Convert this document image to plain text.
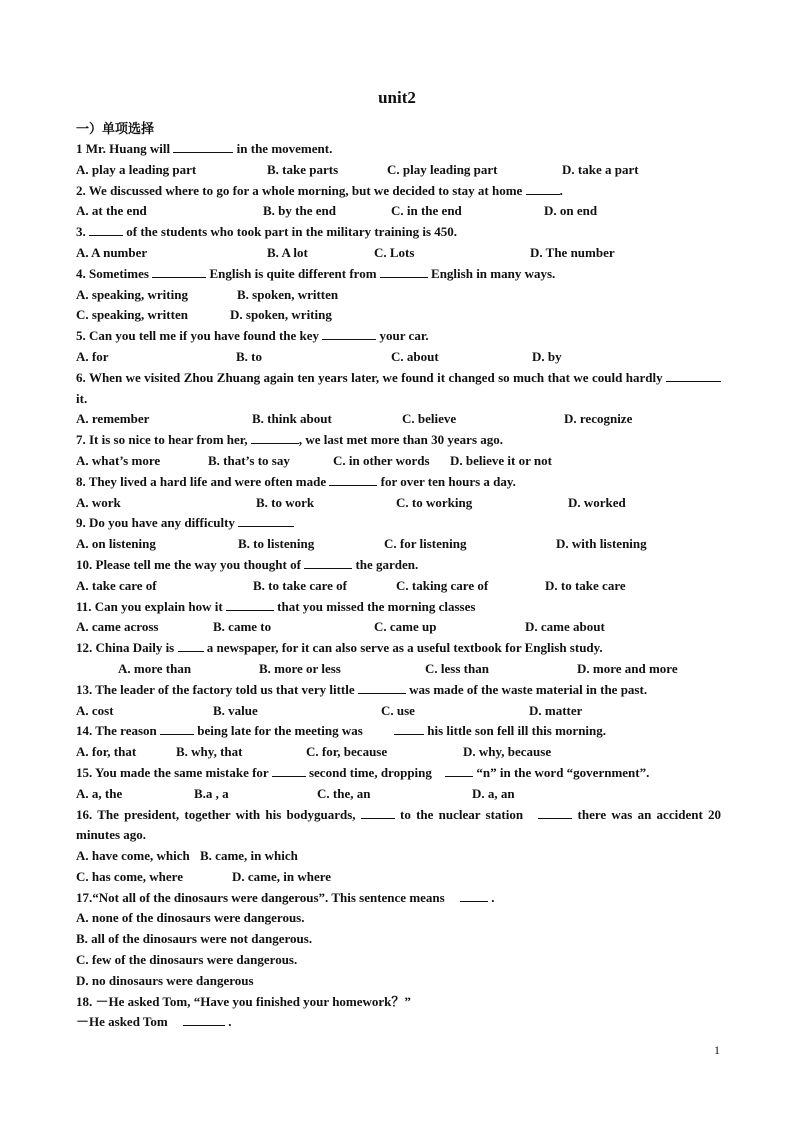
unit2
一）单项选择
1 Mr. Huang will	in the movement.
A. play a leading part	B. take parts	C. play leading part	D. take a part
2. We discussed where to go for a whole morning, but we decided to stay at home	.
A. at the end	B. by the end	C. in the end	D. on end
3.	of the students who took part in the military training is 450.
A. A number	B. A lot	C. Lots	D. The number
4. Sometimes	English is quite different from	English in many ways.
A. speaking, writing	B. spoken, written
C. speaking, written	D. spoken, writing
5. Can you tell me if you have found the key	your car.
A. for	B. to	C. about	D. by
6. When we visited Zhou Zhuang again ten years later, we found it changed so much that we could hardly  it.
A. remember	B. think about	C. believe	D. recognize
7. It is so nice to hear from her,	, we last met more than 30 years ago.
A. what’s more	B. that’s to say	C. in other words	D. believe it or not
8. They lived a hard life and were often made	for over ten hours a day.
A. work	B. to work	C. to working	D. worked
9. Do you have any difficulty
A. on listening	B. to listening	C. for listening	D. with listening
10. Please tell me the way you thought of	the garden.
A. take care of	B. to take care of	C. taking care of	D. to take care
11. Can you explain how it	that you missed the morning classes
A. came across	B. came to	C. came up	D. came about
12. China Daily is	a newspaper, for it can also serve as a useful textbook for English study.
A. more than	B. more or less	C. less than	D. more and more
13. The leader of the factory told us that very little	was made of the waste material in the past.
A. cost	B. value	C. use	D. matter
14. The reason	being late for the meeting was	his little son fell ill this morning.
A. for, that	B. why, that	C. for, because	D. why, because
15. You made the same mistake for	second time, dropping	“n” in the word “government”.
A. a, the	B.a , a	C. the, an	D. a, an
16. The president, together with his bodyguards,	to the nuclear station	there was an accident 20 minutes ago.
A. have come, which B. came, in which
C. has come, where	D. came, in where
17.“Not all of the dinosaurs were dangerous”. This sentence means	.
A. none of the dinosaurs were dangerous.
B. all of the dinosaurs were not dangerous.
C. few of the dinosaurs were dangerous.
D. no dinosaurs were dangerous
18. －He asked Tom, “Have you finished your homework？”
－He asked Tom	.
1
